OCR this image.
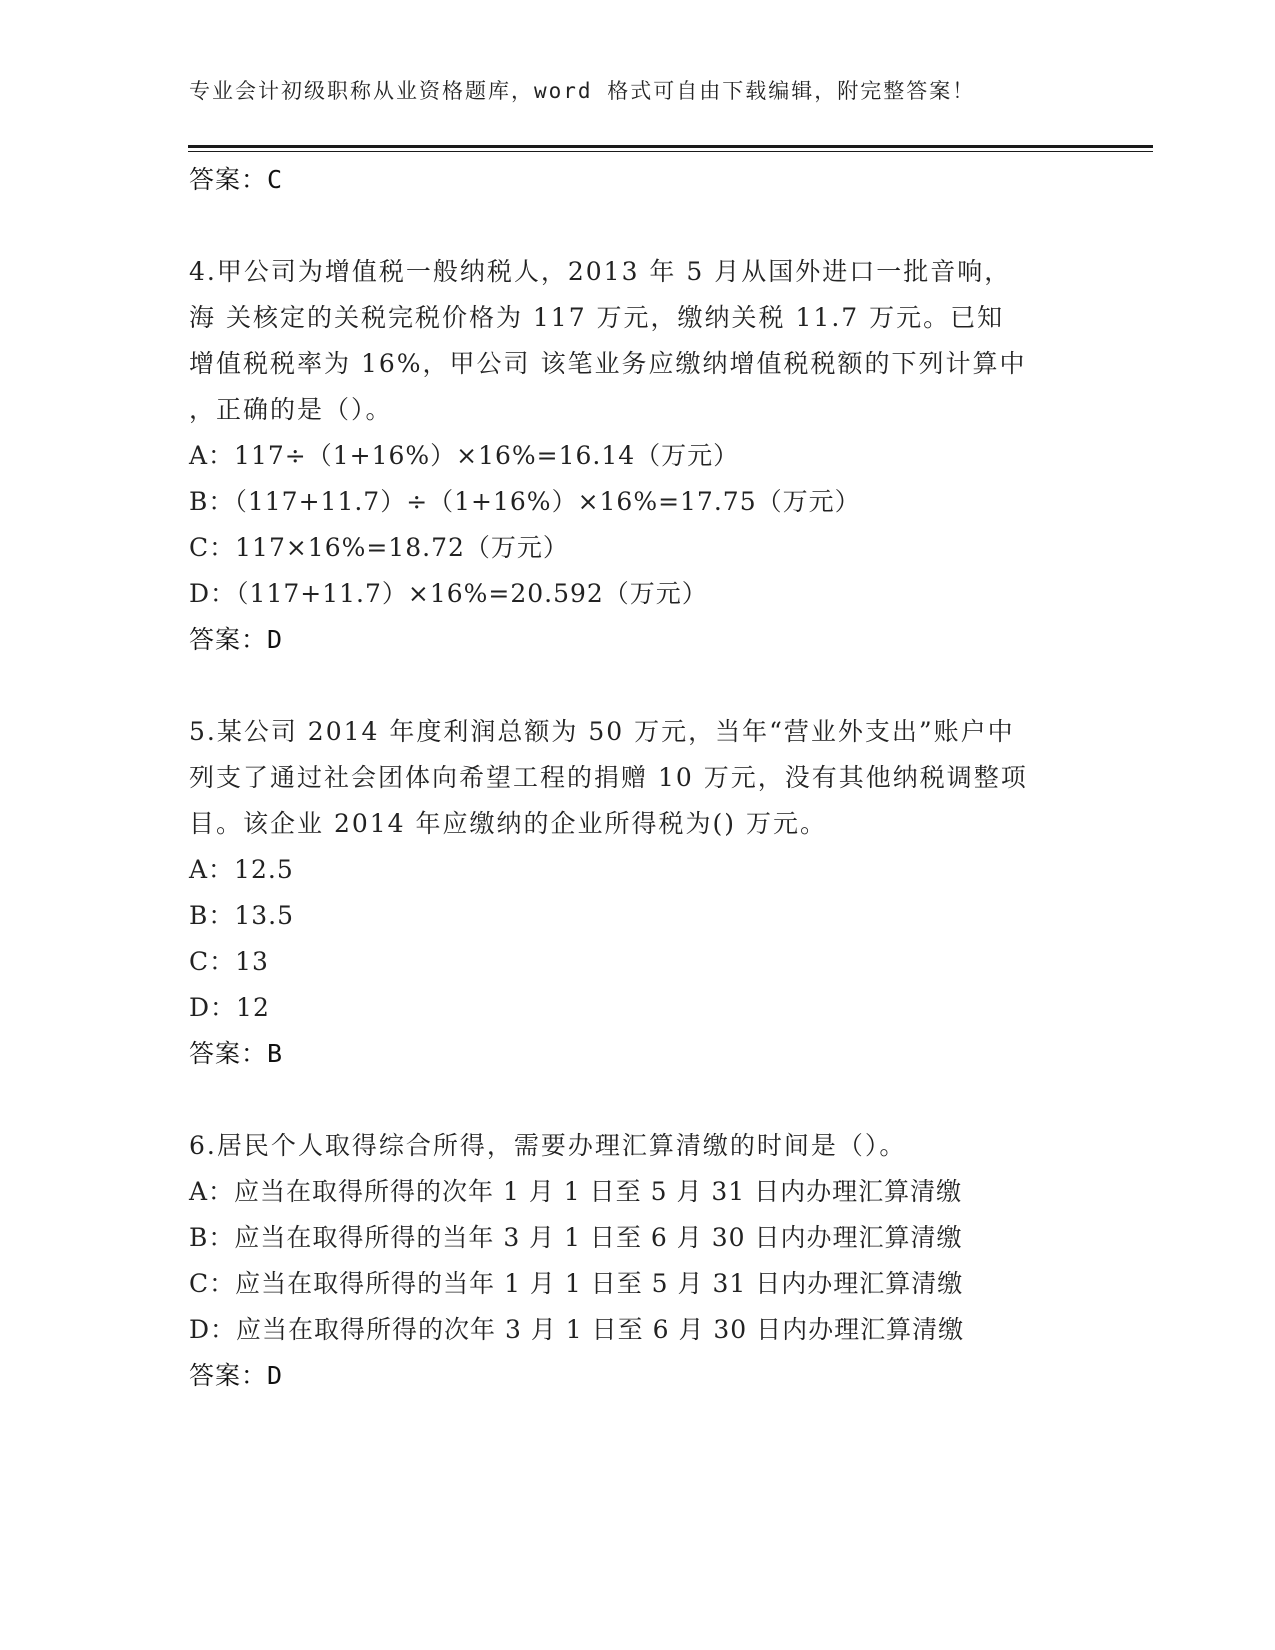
专业会计初级职称从业资格题库，word 格式可自由下载编辑，附完整答案！
答案：C
4.甲公司为增值税一般纳税人，2013 年 5 月从国外进口一批音响，
海 关核定的关税完税价格为 117 万元，缴纳关税 11.7 万元。已知
增值税税率为 16%，甲公司 该笔业务应缴纳增值税税额的下列计算中
，正确的是（）。
A：117÷（1+16%）×16%=16.14（万元）
B：（117+11.7）÷（1+16%）×16%=17.75（万元）
C：117×16%=18.72（万元）
D：（117+11.7）×16%=20.592（万元）
答案：D
5.某公司 2014 年度利润总额为 50 万元，当年“营业外支出”账户中
列支了通过社会团体向希望工程的捐赠 10 万元，没有其他纳税调整项
目。该企业 2014 年应缴纳的企业所得税为() 万元。
A：12.5
B：13.5
C：13
D：12
答案：B
6.居民个人取得综合所得，需要办理汇算清缴的时间是（）。
A：应当在取得所得的次年 1 月 1 日至 5 月 31 日内办理汇算清缴
B：应当在取得所得的当年 3 月 1 日至 6 月 30 日内办理汇算清缴
C：应当在取得所得的当年 1 月 1 日至 5 月 31 日内办理汇算清缴
D：应当在取得所得的次年 3 月 1 日至 6 月 30 日内办理汇算清缴
答案：D
